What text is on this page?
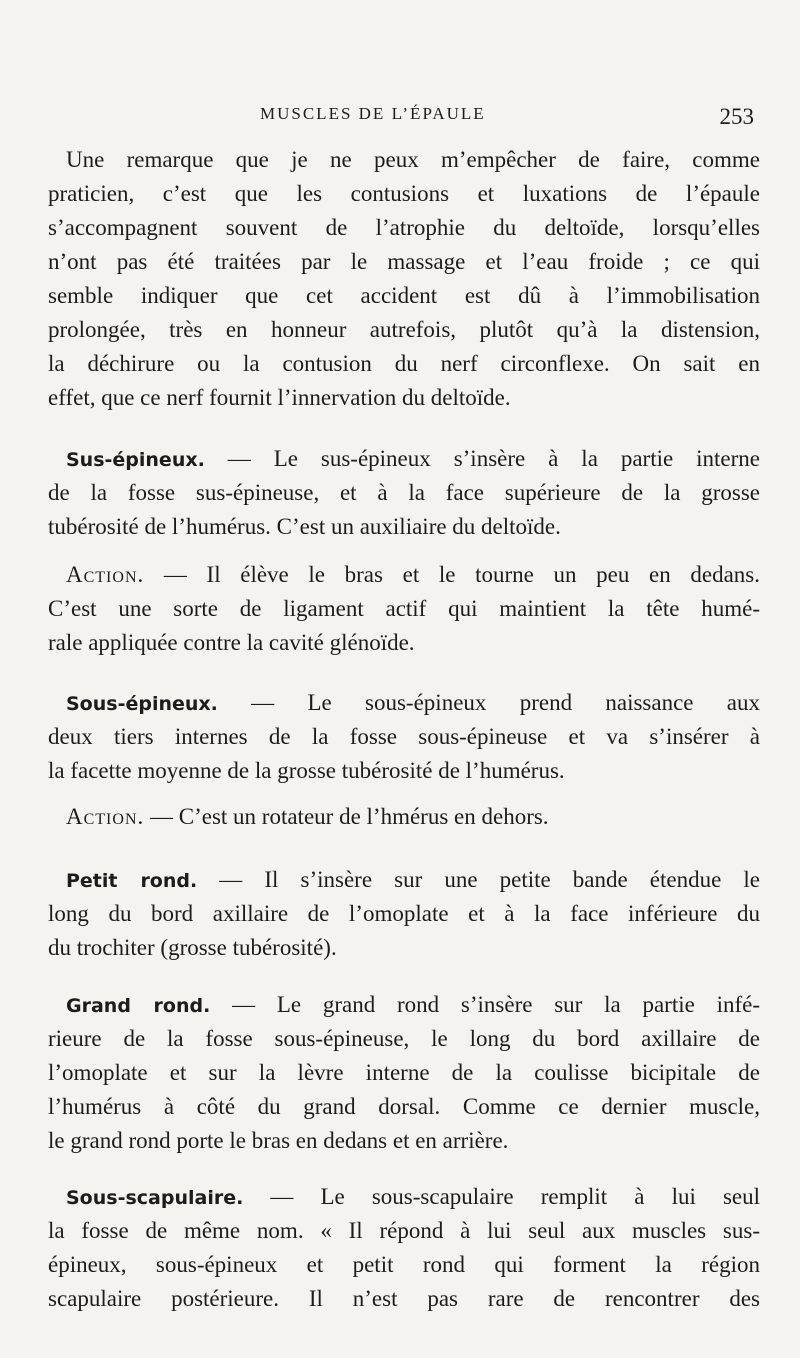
MUSCLES DE L’ÉPAULE	253
Une remarque que je ne peux m’empêcher de faire, comme
praticien, c’est que les contusions et luxations de l’épaule
s’accompagnent souvent de l’atrophie du deltoïde, lorsqu’elles
n’ont pas été traitées par le massage et l’eau froide ; ce qui
semble indiquer que cet accident est dû à l’immobilisation
prolongée, très en honneur autrefois, plutôt qu’à la distension,
la déchirure ou la contusion du nerf circonflexe. On sait en
effet, que ce nerf fournit l’innervation du deltoïde.
Sus-épineux. — Le sus-épineux s’insère à la partie interne
de la fosse sus-épineuse, et à la face supérieure de la grosse
tubérosité de l’humérus. C’est un auxiliaire du deltoïde.
Action. — Il élève le bras et le tourne un peu en dedans.
C’est une sorte de ligament actif qui maintient la tête humé-
rale appliquée contre la cavité glénoïde.
Sous-épineux. — Le sous-épineux prend naissance aux
deux tiers internes de la fosse sous-épineuse et va s’insérer à
la facette moyenne de la grosse tubérosité de l’humérus.
Action. — C’est un rotateur de l’hmérus en dehors.
Petit rond. — Il s’insère sur une petite bande étendue le
long du bord axillaire de l’omoplate et à la face inférieure du
du trochiter (grosse tubérosité).
Grand rond. — Le grand rond s’insère sur la partie infé-
rieure de la fosse sous-épineuse, le long du bord axillaire de
l’omoplate et sur la lèvre interne de la coulisse bicipitale de
l’humérus à côté du grand dorsal. Comme ce dernier muscle,
le grand rond porte le bras en dedans et en arrière.
Sous-scapulaire. — Le sous-scapulaire remplit à lui seul
la fosse de même nom. « Il répond à lui seul aux muscles sus-
épineux, sous-épineux et petit rond qui forment la région
scapulaire postérieure. Il n’est pas rare de rencontrer des
